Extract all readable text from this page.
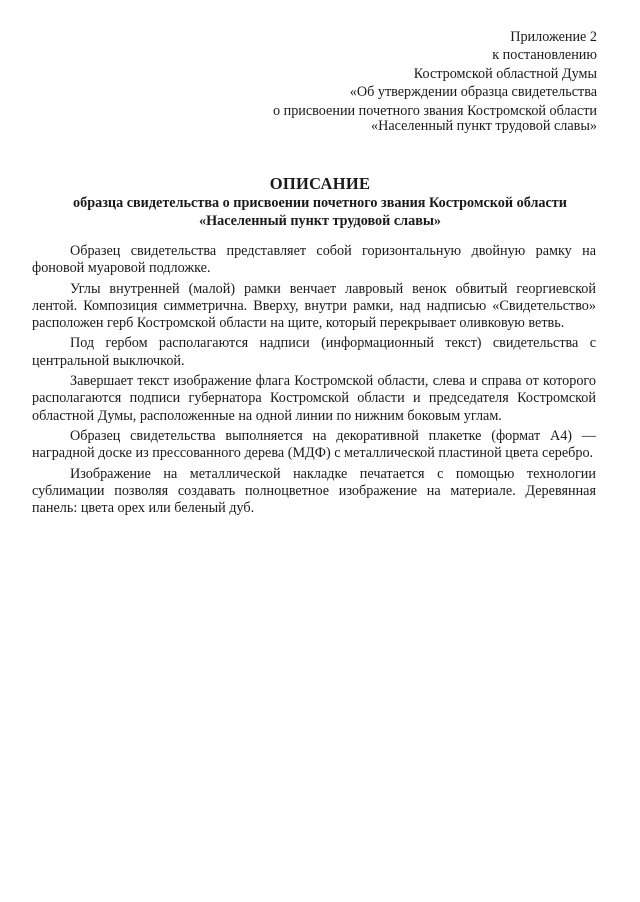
Приложение 2
к постановлению
Костромской областной Думы
«Об утверждении образца свидетельства
о присвоении почетного звания Костромской области
«Населенный пункт трудовой славы»
ОПИСАНИЕ
образца свидетельства о присвоении почетного звания Костромской области
«Населенный пункт трудовой славы»

Образец свидетельства представляет собой горизонтальную двойную рамку на фоновой муаровой подложке.

Углы внутренней (малой) рамки венчает лавровый венок обвитый георгиевской лентой. Композиция симметрична. Вверху, внутри рамки, над надписью «Свидетельство» расположен герб Костромской области на щите, который перекрывает оливковую ветвь.

Под гербом располагаются надписи (информационный текст) свидетельства с центральной выключкой.

Завершает текст изображение флага Костромской области, слева и справа от которого располагаются подписи губернатора Костромской области и председателя Костромской областной Думы, расположенные на одной линии по нижним боковым углам.

Образец свидетельства выполняется на декоративной плакетке (формат А4) — наградной доске из прессованного дерева (МДФ) с металлической пластиной цвета серебро.

Изображение на металлической накладке печатается с помощью технологии сублимации позволяя создавать полноцветное изображение на материале. Деревянная панель: цвета орех или беленый дуб.
